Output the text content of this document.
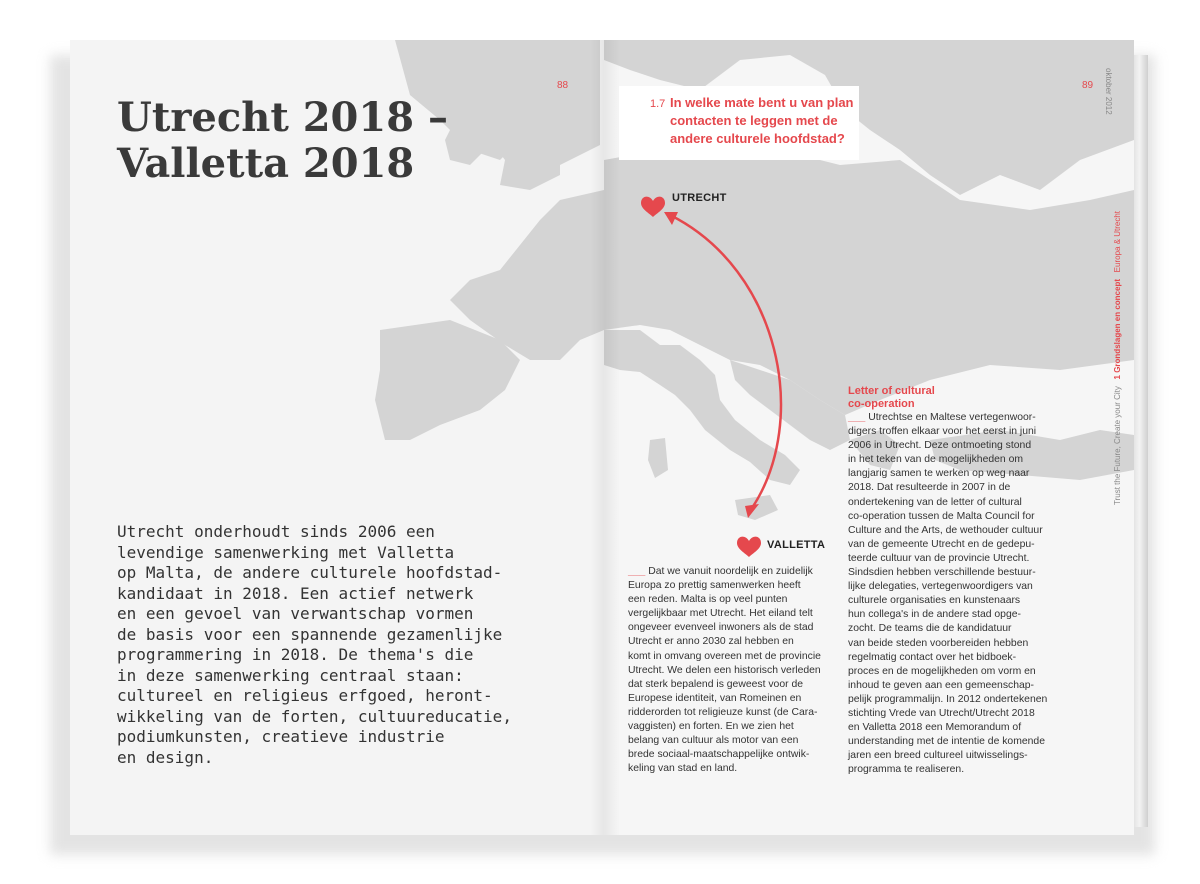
88	89
Utrecht 2018 –
Valletta 2018
Utrecht onderhoudt sinds 2006 een
levendige samenwerking met Valletta
op Malta, de andere culturele hoofdstad-
kandidaat in 2018. Een actief netwerk
en een gevoel van verwantschap vormen
de basis voor een spannende gezamenlijke
programmering in 2018. De thema's die
in deze samenwerking centraal staan:
cultureel en religieus erfgoed, heront-
wikkeling van de forten, cultuureducatie,
podiumkunsten, creatieve industrie
en design.
1.7 In welke mate bent u van plan
contacten te leggen met de
andere culturele hoofdstad?
UTRECHT
VALLETTA
___ Dat we vanuit noordelijk en zuidelijk
Europa zo prettig samenwerken heeft
een reden. Malta is op veel punten
vergelijkbaar met Utrecht. Het eiland telt
ongeveer evenveel inwoners als de stad
Utrecht er anno 2030 zal hebben en
komt in omvang overeen met de provincie
Utrecht. We delen een historisch verleden
dat sterk bepalend is geweest voor de
Europese identiteit, van Romeinen en
ridderorden tot religieuze kunst (de Cara-
vaggisten) en forten. En we zien het
belang van cultuur als motor van een
brede sociaal-maatschappelijke ontwik-
keling van stad en land.
Letter of cultural
co-operation
___ Utrechtse en Maltese vertegenwoor-
digers troffen elkaar voor het eerst in juni
2006 in Utrecht. Deze ontmoeting stond
in het teken van de mogelijkheden om
langjarig samen te werken op weg naar
2018. Dat resulteerde in 2007 in de
ondertekening van de letter of cultural
co-operation tussen de Malta Council for
Culture and the Arts, de wethouder cultuur
van de gemeente Utrecht en de gedepu-
teerde cultuur van de provincie Utrecht.
Sindsdien hebben verschillende bestuur-
lijke delegaties, vertegenwoordigers van
culturele organisaties en kunstenaars
hun collega's in de andere stad opge-
zocht. De teams die de kandidatuur
van beide steden voorbereiden hebben
regelmatig contact over het bidboek-
proces en de mogelijkheden om vorm en
inhoud te geven aan een gemeenschap-
pelijk programmalijn. In 2012 ondertekenen
stichting Vrede van Utrecht/Utrecht 2018
en Valletta 2018 een Memorandum of
understanding met de intentie de komende
jaren een breed cultureel uitwisselings-
programma te realiseren.
oktober 2012
Trust the Future, Create your City   1 Grondslagen en concept   Europa & Utrecht
